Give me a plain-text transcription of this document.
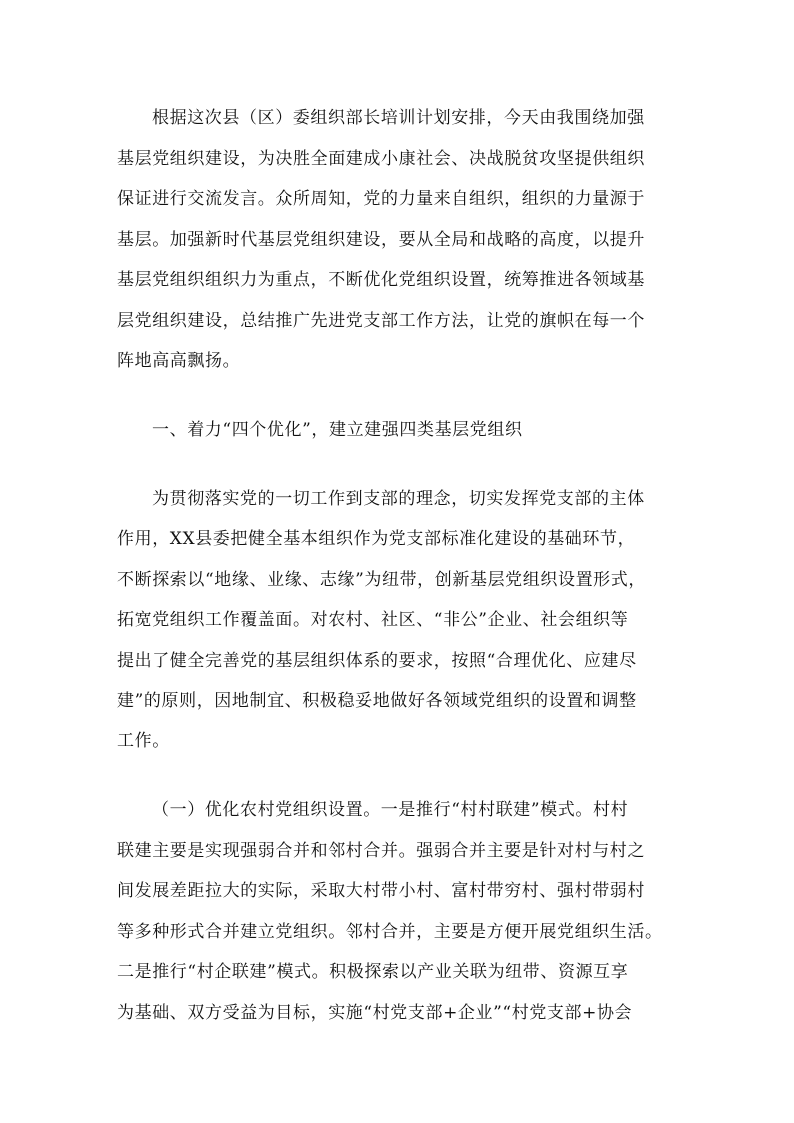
根据这次县（区）委组织部长培训计划安排，今天由我围绕加强
基层党组织建设，为决胜全面建成小康社会、决战脱贫攻坚提供组织
保证进行交流发言。众所周知，党的力量来自组织，组织的力量源于
基层。加强新时代基层党组织建设，要从全局和战略的高度，以提升
基层党组织组织力为重点，不断优化党组织设置，统筹推进各领域基
层党组织建设，总结推广先进党支部工作方法，让党的旗帜在每一个
阵地高高飘扬。
一、着力“四个优化”，建立建强四类基层党组织
为贯彻落实党的一切工作到支部的理念，切实发挥党支部的主体
作用，XX县委把健全基本组织作为党支部标准化建设的基础环节，
不断探索以“地缘、业缘、志缘”为纽带，创新基层党组织设置形式，
拓宽党组织工作覆盖面。对农村、社区、“非公”企业、社会组织等
提出了健全完善党的基层组织体系的要求，按照“合理优化、应建尽
建”的原则，因地制宜、积极稳妥地做好各领域党组织的设置和调整
工作。
（一）优化农村党组织设置。一是推行“村村联建”模式。村村
联建主要是实现强弱合并和邻村合并。强弱合并主要是针对村与村之
间发展差距拉大的实际，采取大村带小村、富村带穷村、强村带弱村
等多种形式合并建立党组织。邻村合并，主要是方便开展党组织生活。
二是推行“村企联建”模式。积极探索以产业关联为纽带、资源互享
为基础、双方受益为目标，实施“村党支部+企业”“村党支部+协会
